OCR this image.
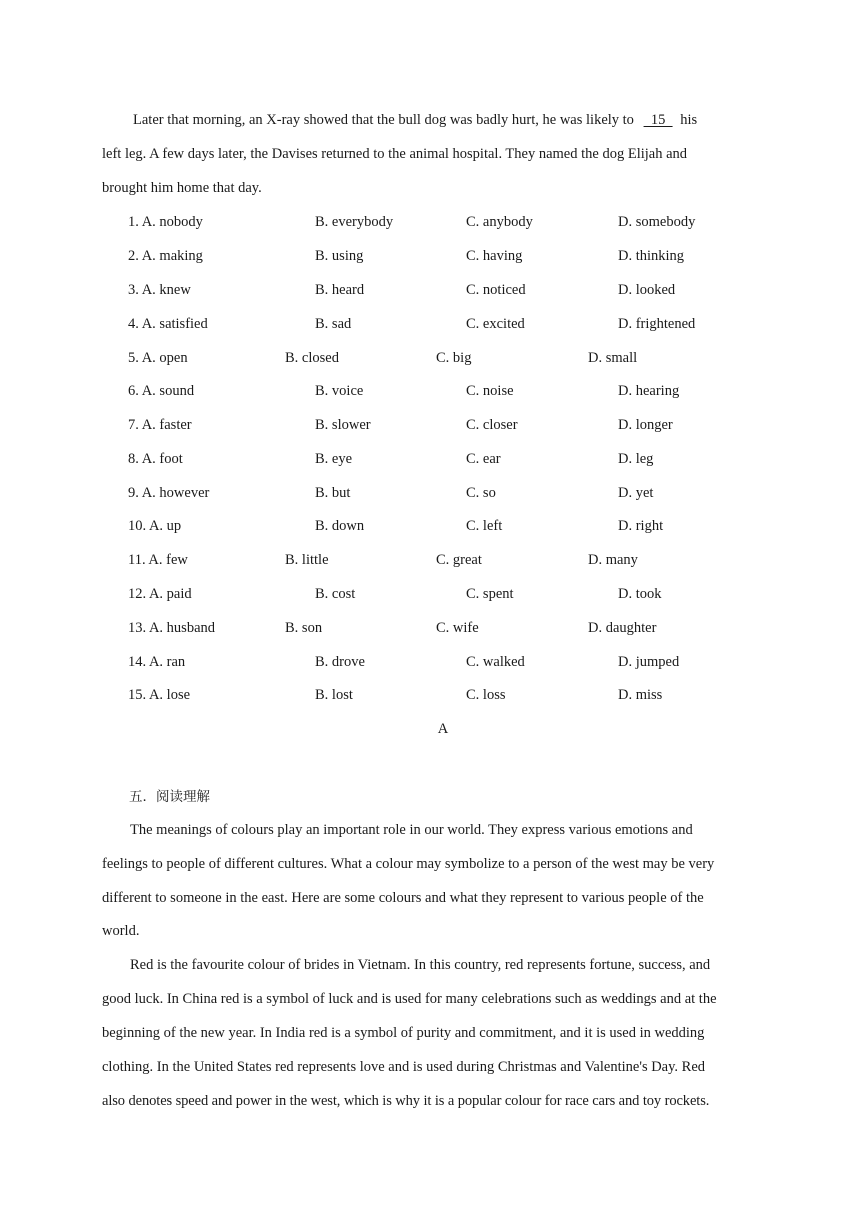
Later that morning, an X-ray showed that the bull dog was badly hurt, he was likely to   15   his
left leg. A few days later, the Davises returned to the animal hospital. They named the dog Elijah and
brought him home that day.
1. A. nobody	B. everybody	C. anybody	D. somebody
2. A. making	B. using	C. having	D. thinking
3. A. knew	B. heard	C. noticed	D. looked
4. A. satisfied	B. sad	C. excited	D. frightened
5. A. open	B. closed	C. big	D. small
6. A. sound	B. voice	C. noise	D. hearing
7. A. faster	B. slower	C. closer	D. longer
8. A. foot	B. eye	C. ear	D. leg
9. A. however	B. but	C. so	D. yet
10. A. up	B. down	C. left	D. right
11. A. few	B. little	C. great	D. many
12. A. paid	B. cost	C. spent	D. took
13. A. husband	B. son	C. wife	D. daughter
14. A. ran	B. drove	C. walked	D. jumped
15. A. lose	B. lost	C. loss	D. miss
A
五．阅读理解
The meanings of colours play an important role in our world. They express various emotions and
feelings to people of different cultures. What a colour may symbolize to a person of the west may be very
different to someone in the east. Here are some colours and what they represent to various people of the
world.
Red is the favourite colour of brides in Vietnam. In this country, red represents fortune, success, and
good luck. In China red is a symbol of luck and is used for many celebrations such as weddings and at the
beginning of the new year. In India red is a symbol of purity and commitment, and it is used in wedding
clothing. In the United States red represents love and is used during Christmas and Valentine's Day. Red
also denotes speed and power in the west, which is why it is a popular colour for race cars and toy rockets.
